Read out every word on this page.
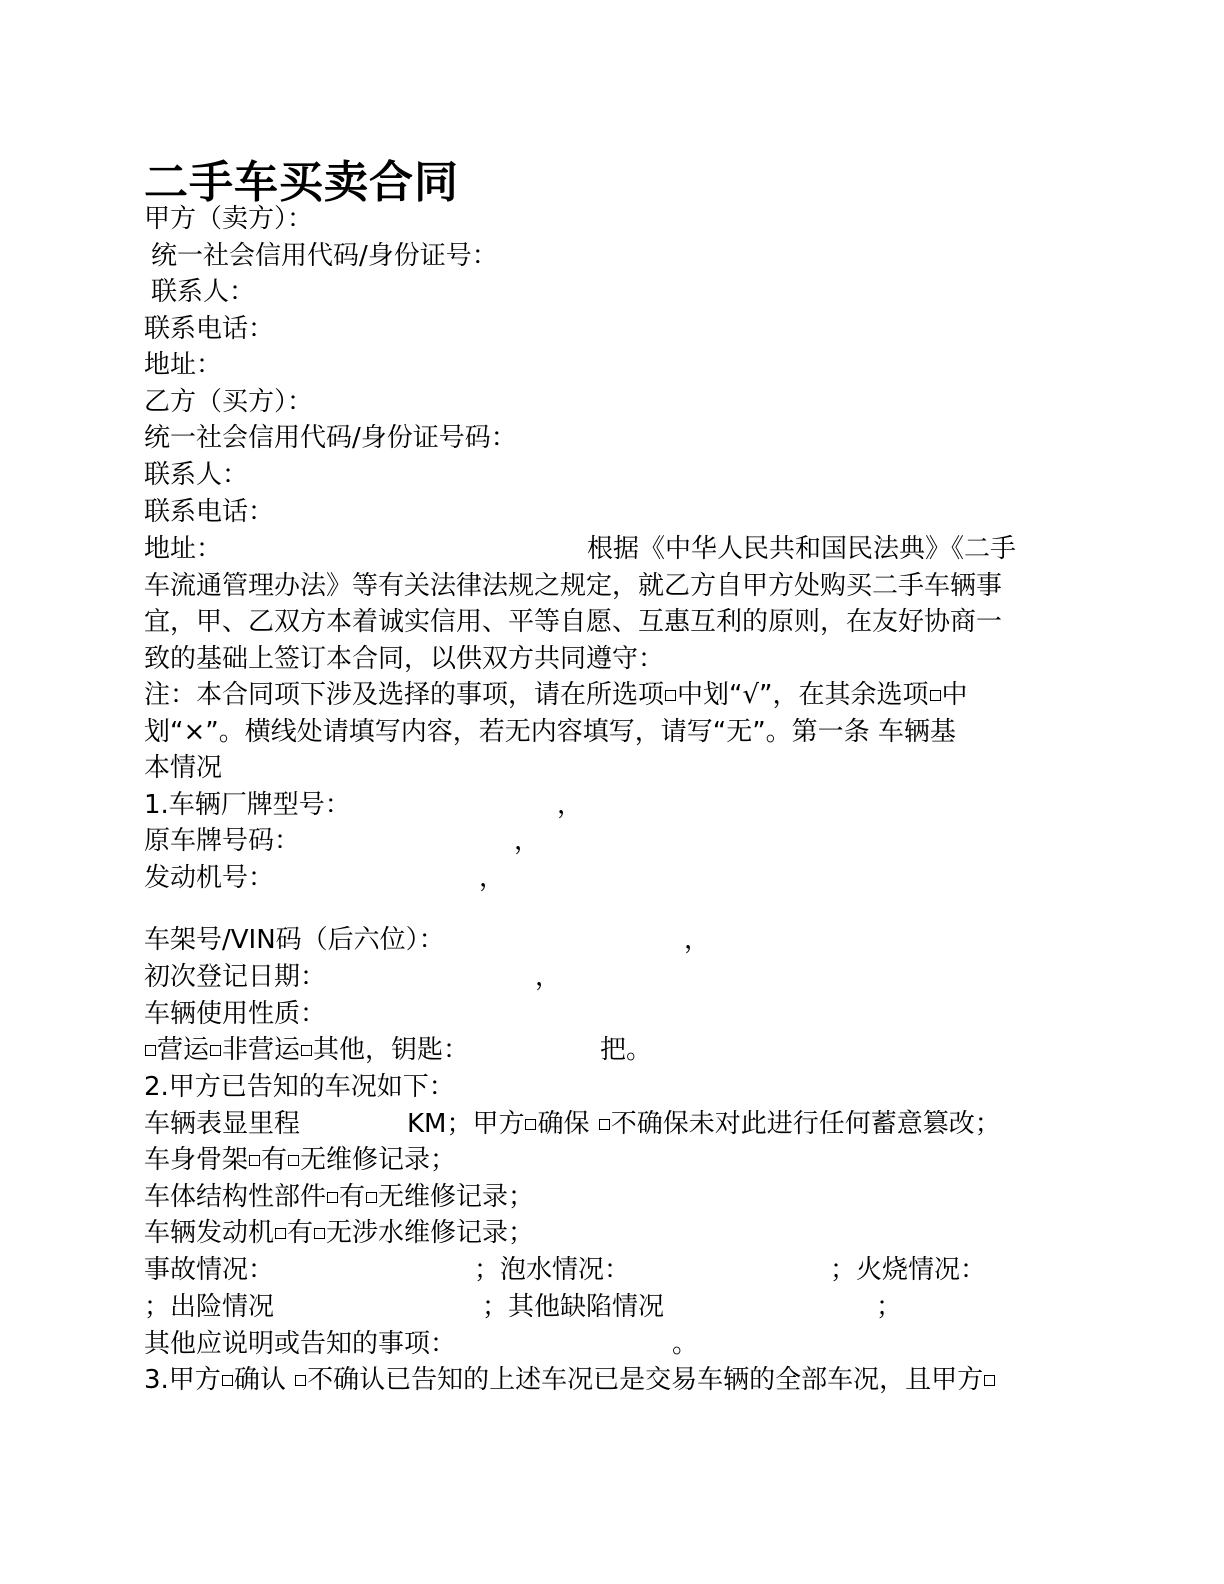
二手车买卖合同
甲方（卖方）：
统一社会信用代码/身份证号：
联系人：
联系电话：
地址：
乙方（买方）：
统一社会信用代码/身份证号码：
联系人：
联系电话：
地址：	根据《中华人民共和国民法典》《二手
车流通管理办法》等有关法律法规之规定，就乙方自甲方处购买二手车辆事
宜，甲、乙双方本着诚实信用、平等自愿、互惠互利的原则，在友好协商一
致的基础上签订本合同，以供双方共同遵守：
注：本合同项下涉及选择的事项，请在所选项 中划“√”，在其余选项 中
划“×”。横线处请填写内容，若无内容填写，请写“无”。第一条 车辆基
本情况
1.车辆厂牌型号：	，
原车牌号码：	，
发动机号：	，
车架号/VIN码（后六位）：	，
初次登记日期：	，
车辆使用性质：
营运 非营运 其他，钥匙：	把。
2.甲方已告知的车况如下：
车辆表显里程	KM；甲方 确保 不确保未对此进行任何蓄意篡改；
车身骨架 有 无维修记录；
车体结构性部件 有 无维修记录；
车辆发动机 有 无涉水维修记录；
事故情况：	；泡水情况：	；火烧情况：
；出险情况	；其他缺陷情况	；
其他应说明或告知的事项：	。
3.甲方 确认 不确认已告知的上述车况已是交易车辆的全部车况，且甲方
